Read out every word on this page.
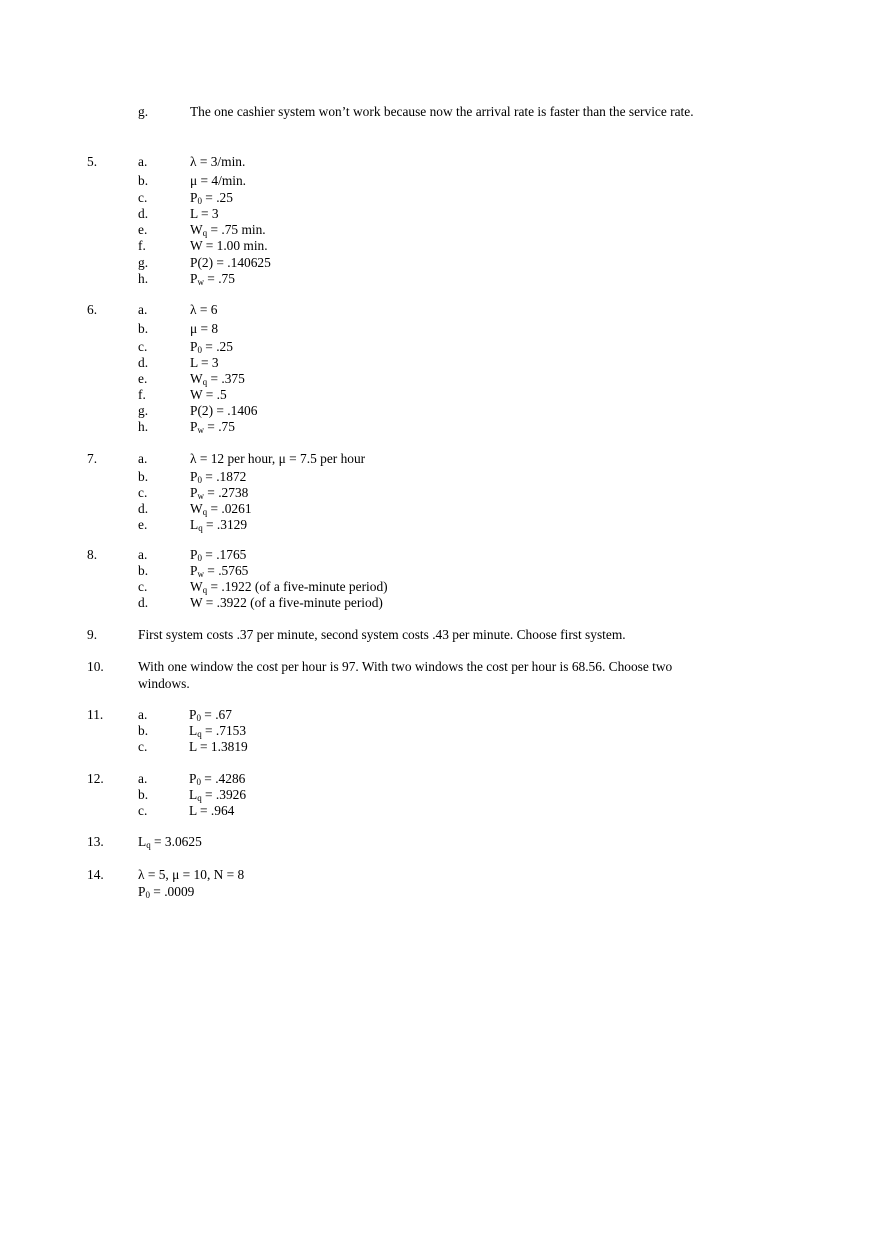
g.	The one cashier system won’t work because now the arrival rate is faster than the service rate.
5.	a.	λ = 3/min.
b.	μ = 4/min.
c.	$P_0 = .25$
d.	L = 3
e.	$W_q = .75$ min.
f.	W = 1.00 min.
g.	P(2) = .140625
h.	$P_w = .75$
6.	a.	λ = 6
b.	μ = 8
c.	$P_0 = .25$
d.	L = 3
e.	$W_q = .375$
f.	W = .5
g.	P(2) = .1406
h.	$P_w = .75$
7.	a.	λ = 12 per hour, μ = 7.5 per hour
b.	$P_0 = .1872$
c.	$P_w = .2738$
d.	$W_q = .0261$
e.	$L_q = .3129$
8.	a.	$P_0 = .1765$
b.	$P_w = .5765$
c.	$W_q = .1922$ (of a five-minute period)
d.	W = .3922 (of a five-minute period)
9.	First system costs .37 per minute, second system costs .43 per minute. Choose first system.
10.	With one window the cost per hour is 97. With two windows the cost per hour is 68.56. Choose two
windows.
11.	a.	$P_0 = .67$
b.	$L_q = .7153$
c.	L = 1.3819
12.	a.	$P_0 = .4286$
b.	$L_q = .3926$
c.	L = .964
13.	$L_q = 3.0625$
14.	λ = 5, μ = 10, N = 8
$P_0 = .0009$
